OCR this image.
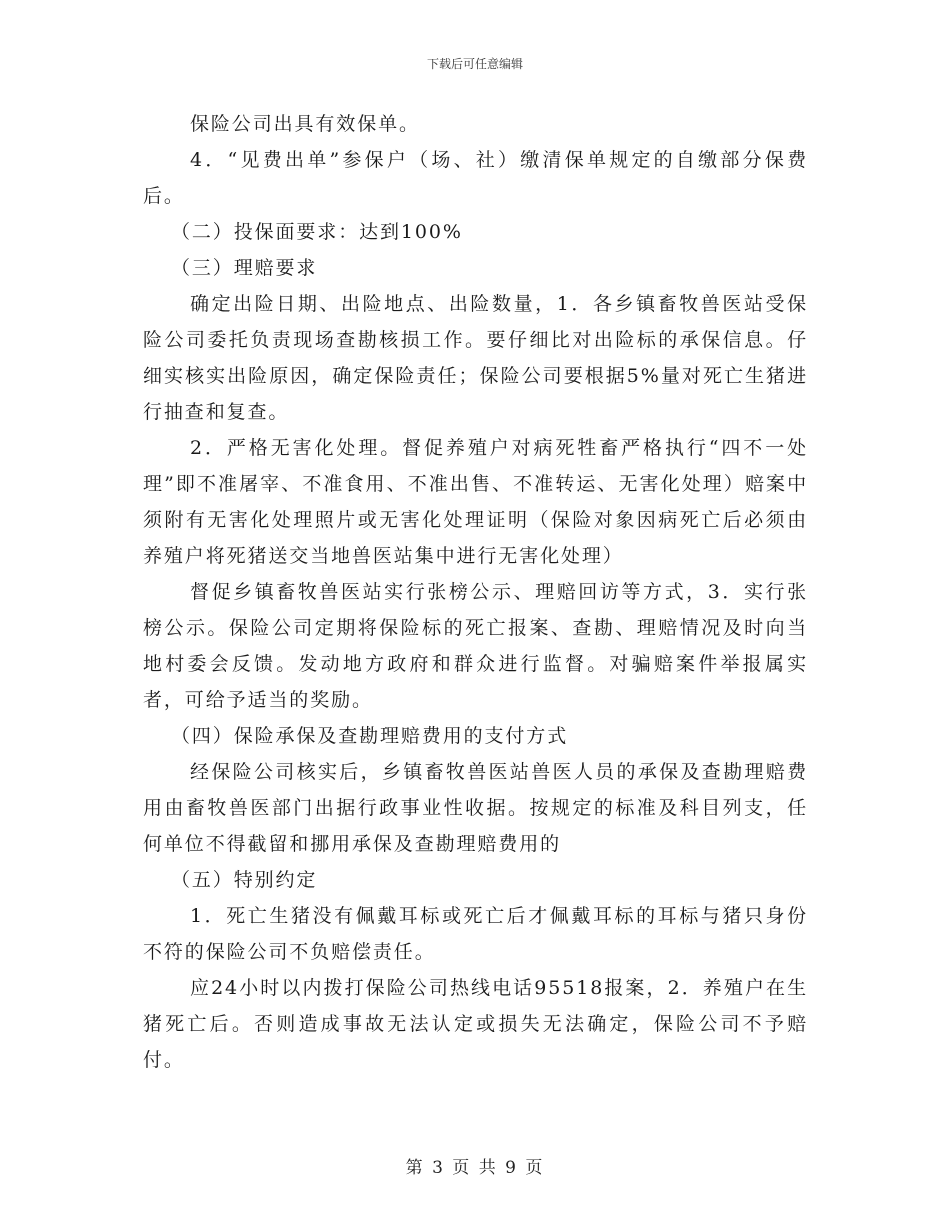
下载后可任意编辑

保险公司出具有效保单。

4．“见费出单”参保户（场、社）缴清保单规定的自缴部分保费后。

（二）投保面要求：达到100%

（三）理赔要求

确定出险日期、出险地点、出险数量，1．各乡镇畜牧兽医站受保险公司委托负责现场查勘核损工作。要仔细比对出险标的承保信息。仔细实核实出险原因，确定保险责任；保险公司要根据5%量对死亡生猪进行抽查和复查。

2．严格无害化处理。督促养殖户对病死牲畜严格执行“四不一处理”即不准屠宰、不准食用、不准出售、不准转运、无害化处理）赔案中须附有无害化处理照片或无害化处理证明（保险对象因病死亡后必须由养殖户将死猪送交当地兽医站集中进行无害化处理）

督促乡镇畜牧兽医站实行张榜公示、理赔回访等方式，3．实行张榜公示。保险公司定期将保险标的死亡报案、查勘、理赔情况及时向当地村委会反馈。发动地方政府和群众进行监督。对骗赔案件举报属实者，可给予适当的奖励。

（四）保险承保及查勘理赔费用的支付方式

经保险公司核实后，乡镇畜牧兽医站兽医人员的承保及查勘理赔费用由畜牧兽医部门出据行政事业性收据。按规定的标准及科目列支，任何单位不得截留和挪用承保及查勘理赔费用的

（五）特别约定

1．死亡生猪没有佩戴耳标或死亡后才佩戴耳标的耳标与猪只身份不符的保险公司不负赔偿责任。

应24小时以内拨打保险公司热线电话95518报案，2．养殖户在生猪死亡后。否则造成事故无法认定或损失无法确定，保险公司不予赔付。

第 3 页 共 9 页
